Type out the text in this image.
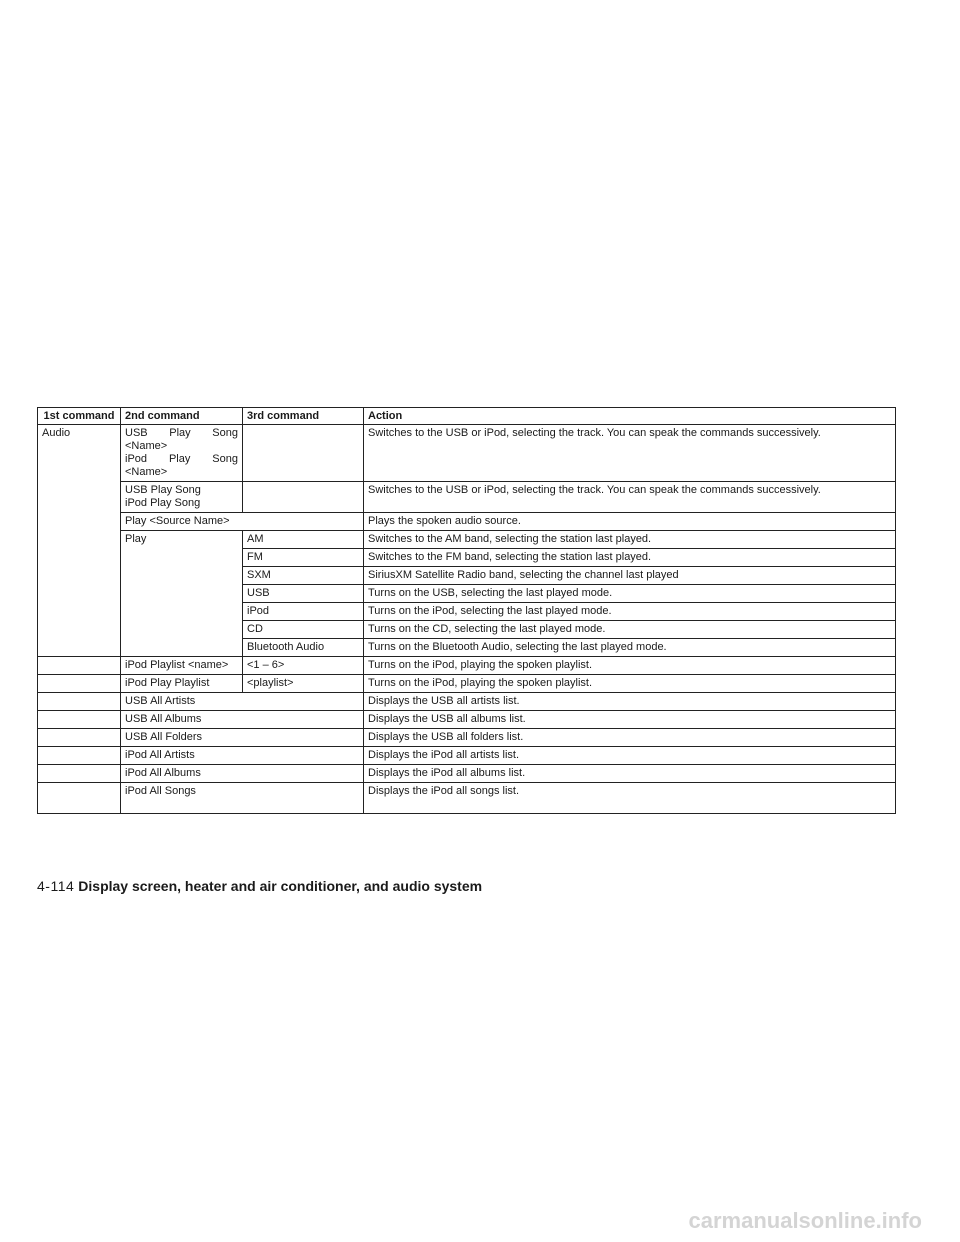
1st command	2nd command	3rd command	Action
Audio	USB Play Song
<Name>
iPod Play Song
<Name>		Switches to the USB or iPod, selecting the track. You can speak the commands successively.

	USB Play Song
iPod Play Song		Switches to the USB or iPod, selecting the track. You can speak the commands successively.
	Play <Source Name>		Plays the spoken audio source.
	Play	AM	Switches to the AM band, selecting the station last played.
		FM	Switches to the FM band, selecting the station last played.
		SXM	SiriusXM Satellite Radio band, selecting the channel last played
		USB	Turns on the USB, selecting the last played mode.
		iPod	Turns on the iPod, selecting the last played mode.
		CD	Turns on the CD, selecting the last played mode.
		Bluetooth Audio	Turns on the Bluetooth Audio, selecting the last played mode.
	iPod Playlist <name>	<1 – 6>	Turns on the iPod, playing the spoken playlist.
	iPod Play Playlist	<playlist>	Turns on the iPod, playing the spoken playlist.
	USB All Artists		Displays the USB all artists list.
	USB All Albums		Displays the USB all albums list.
	USB All Folders		Displays the USB all folders list.
	iPod All Artists		Displays the iPod all artists list.
	iPod All Albums		Displays the iPod all albums list.
	iPod All Songs		Displays the iPod all songs list.
4-114 Display screen, heater and air conditioner, and audio system
carmanualsonline.info
